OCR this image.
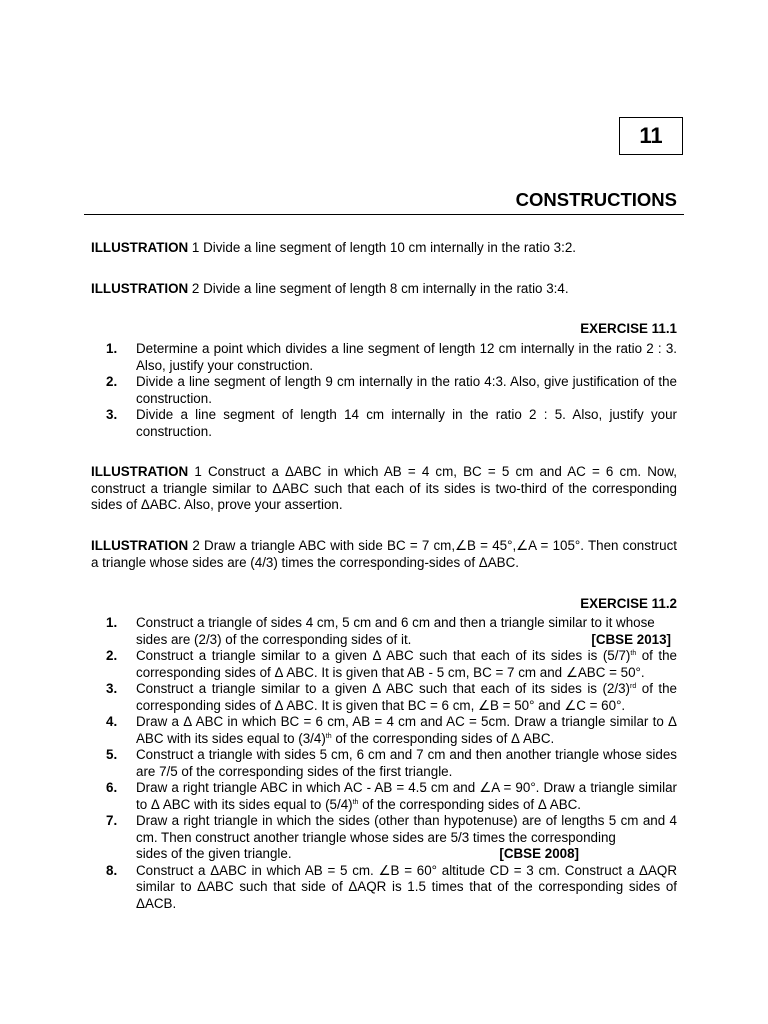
11
CONSTRUCTIONS
ILLUSTRATION 1 Divide a line segment of length 10 cm internally in the ratio 3:2.
ILLUSTRATION 2 Divide a line segment of length 8 cm internally in the ratio 3:4.
EXERCISE 11.1
1. Determine a point which divides a line segment of length 12 cm internally in the ratio 2 : 3. Also, justify your construction.
2. Divide a line segment of length 9 cm internally in the ratio 4:3. Also, give justification of the construction.
3. Divide a line segment of length 14 cm internally in the ratio 2 : 5. Also, justify your construction.
ILLUSTRATION 1 Construct a ΔABC in which AB = 4 cm, BC = 5 cm and AC = 6 cm. Now, construct a triangle similar to ΔABC such that each of its sides is two-third of the corresponding sides of ΔABC. Also, prove your assertion.
ILLUSTRATION 2 Draw a triangle ABC with side BC = 7 cm,∠B = 45°,∠A = 105°. Then construct a triangle whose sides are (4/3) times the corresponding-sides of ΔABC.
EXERCISE 11.2
1. Construct a triangle of sides 4 cm, 5 cm and 6 cm and then a triangle similar to it whose

[CBSE 2013]
sides are (2/3) of the corresponding sides of it.
2. Construct a triangle similar to a given Δ ABC such that each of its sides is $(5/7)^{th}$ of the corresponding sides of Δ ABC. It is given that AB - 5 cm, BC = 7 cm and ∠ABC = 50°.
3. Construct a triangle similar to a given Δ ABC such that each of its sides is $(2/3)^{rd}$ of the corresponding sides of Δ ABC. It is given that BC = 6 cm, ∠B = 50° and ∠C = 60°.
4. Draw a Δ ABC in which BC = 6 cm, AB = 4 cm and AC = 5cm. Draw a triangle similar to Δ ABC with its sides equal to $(3/4)^{th}$ of the corresponding sides of Δ ABC.
5. Construct a triangle with sides 5 cm, 6 cm and 7 cm and then another triangle whose sides are 7/5 of the corresponding sides of the first triangle.
6. Draw a right triangle ABC in which AC - AB = 4.5 cm and ∠A = 90°. Draw a triangle similar to Δ ABC with its sides equal to $(5/4)^{th}$ of the corresponding sides of Δ ABC.
7. Draw a right triangle in which the sides (other than hypotenuse) are of lengths 5 cm and 4 cm. Then construct another triangle whose sides are 5/3 times the corresponding

[CBSE 2008]
sides of the given triangle.
8. Construct a ΔABC in which AB = 5 cm. ∠B = 60° altitude CD = 3 cm. Construct a ΔAQR similar to ΔABC such that side of ΔAQR is 1.5 times that of the corresponding sides of ΔACB.
